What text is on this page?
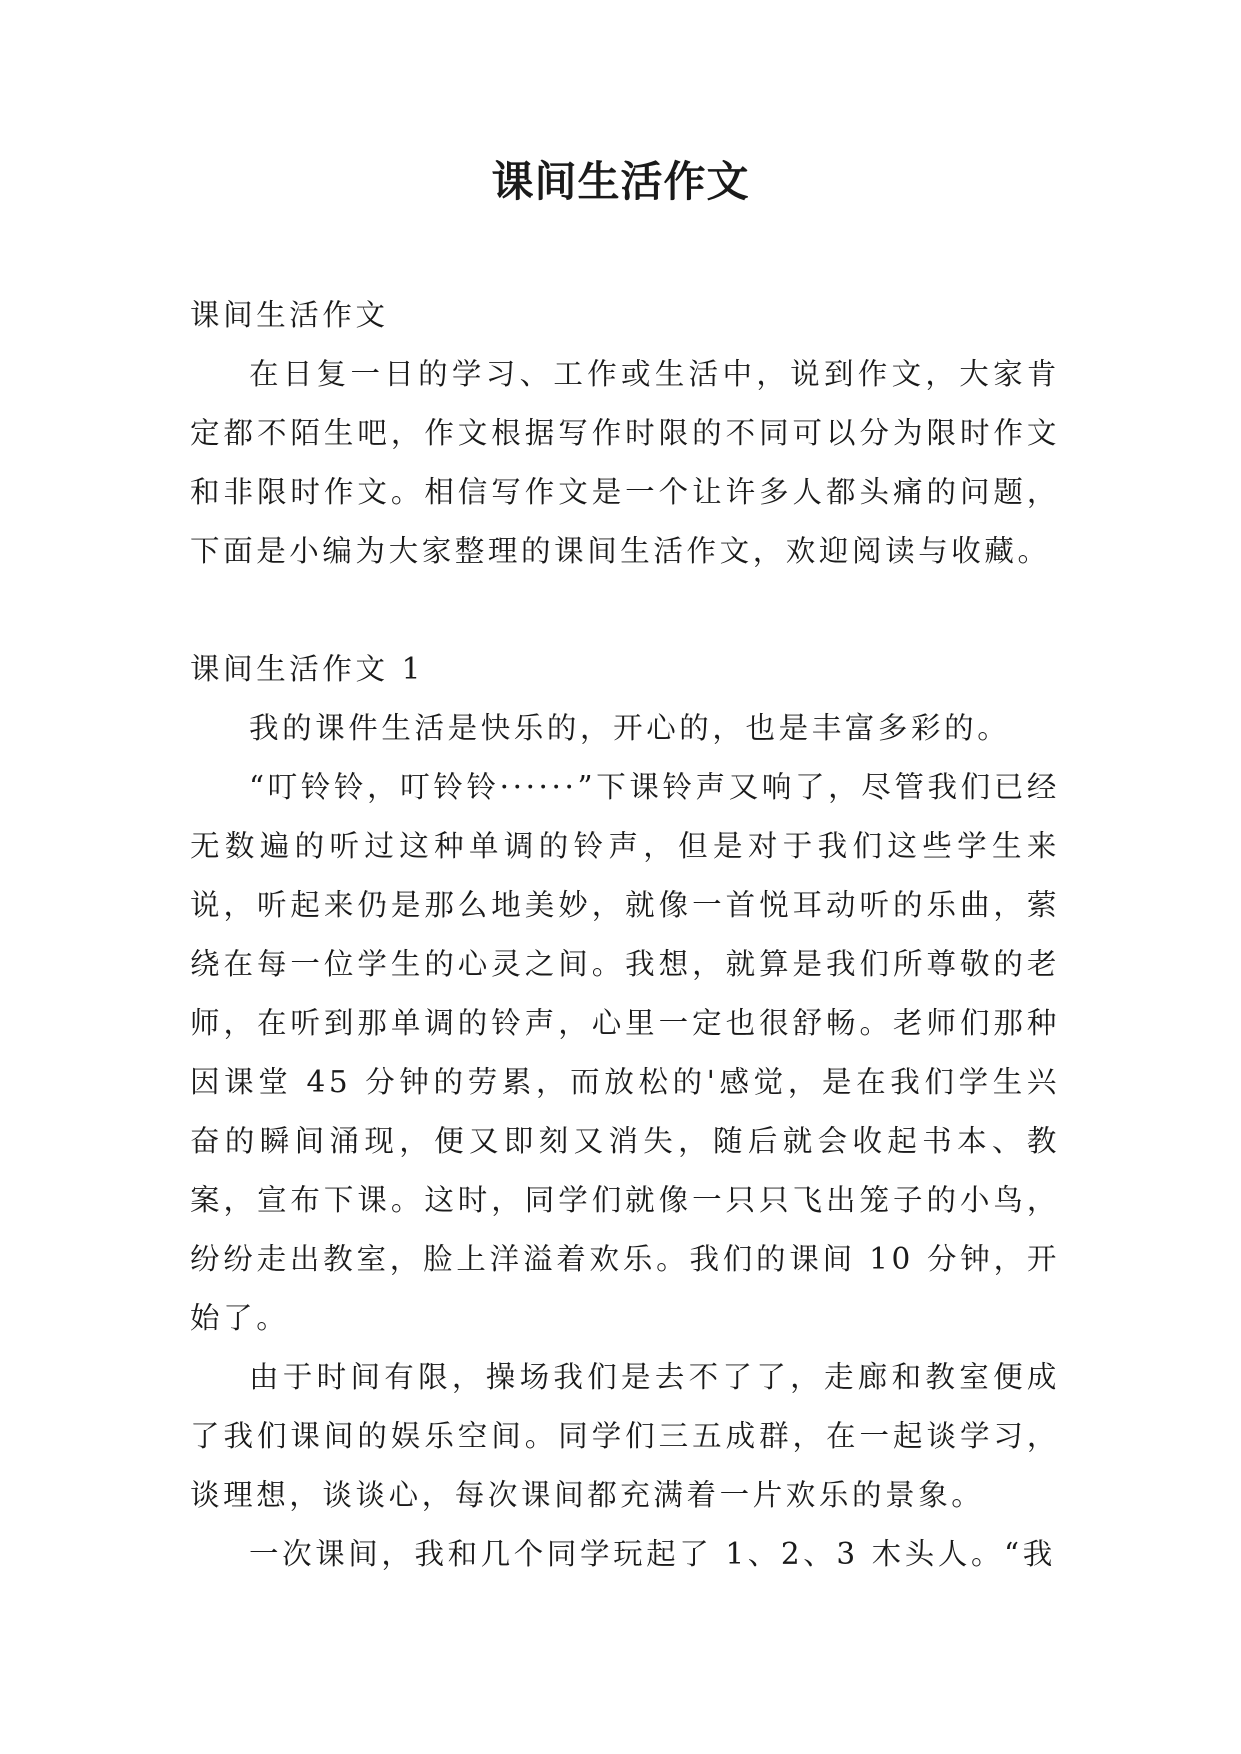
课间生活作文

课间生活作文

在日复一日的学习、工作或生活中，说到作文，大家肯定都不陌生吧，作文根据写作时限的不同可以分为限时作文和非限时作文。相信写作文是一个让许多人都头痛的问题，下面是小编为大家整理的课间生活作文，欢迎阅读与收藏。

课间生活作文 1

我的课件生活是快乐的，开心的，也是丰富多彩的。

“叮铃铃，叮铃铃······”下课铃声又响了，尽管我们已经无数遍的听过这种单调的铃声，但是对于我们这些学生来说，听起来仍是那么地美妙，就像一首悦耳动听的乐曲，萦绕在每一位学生的心灵之间。我想，就算是我们所尊敬的老师，在听到那单调的铃声，心里一定也很舒畅。老师们那种因课堂 45 分钟的劳累，而放松的'感觉，是在我们学生兴奋的瞬间涌现，便又即刻又消失，随后就会收起书本、教案，宣布下课。这时，同学们就像一只只飞出笼子的小鸟，纷纷走出教室，脸上洋溢着欢乐。我们的课间 10 分钟，开始了。

由于时间有限，操场我们是去不了了，走廊和教室便成了我们课间的娱乐空间。同学们三五成群，在一起谈学习，谈理想，谈谈心，每次课间都充满着一片欢乐的景象。

一次课间，我和几个同学玩起了 1、2、3 木头人。“我
